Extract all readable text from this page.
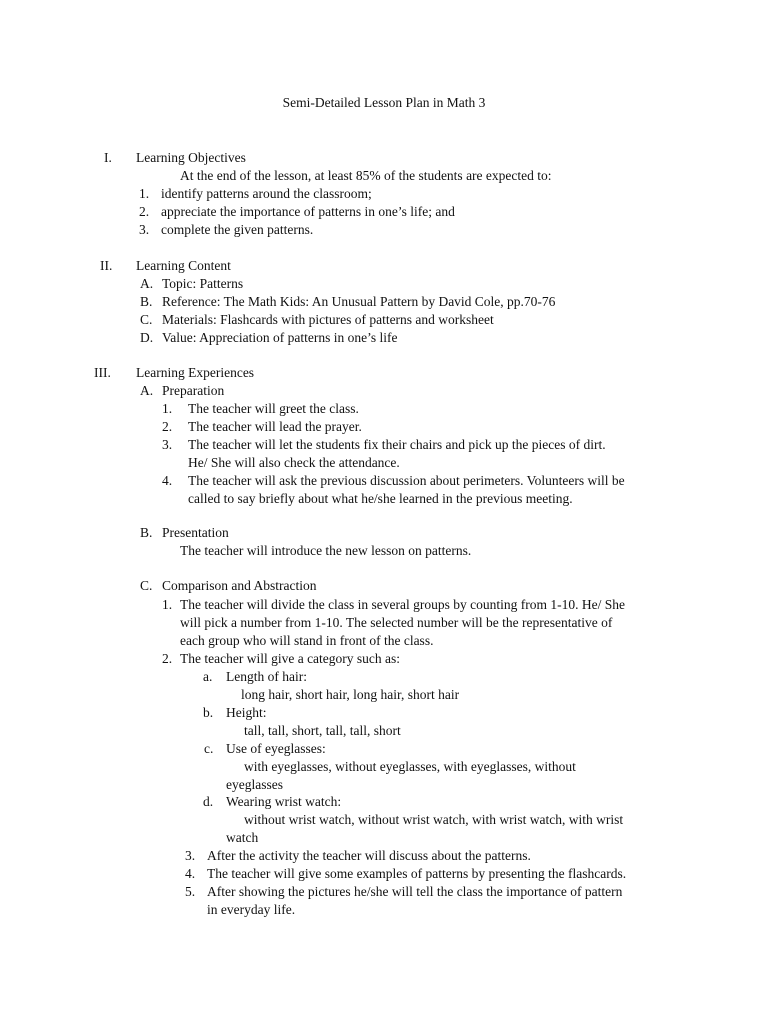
Semi-Detailed Lesson Plan in Math 3
I. Learning Objectives
At the end of the lesson, at least 85% of the students are expected to:
1. identify patterns around the classroom;
2. appreciate the importance of patterns in one’s life; and
3. complete the given patterns.
II. Learning Content
A. Topic: Patterns
B. Reference: The Math Kids: An Unusual Pattern by David Cole, pp.70-76
C. Materials: Flashcards with pictures of patterns and worksheet
D. Value: Appreciation of patterns in one’s life
III. Learning Experiences
A. Preparation
1. The teacher will greet the class.
2. The teacher will lead the prayer.
3. The teacher will let the students fix their chairs and pick up the pieces of dirt.
He/ She will also check the attendance.
4. The teacher will ask the previous discussion about perimeters. Volunteers will be
called to say briefly about what he/she learned in the previous meeting.
B. Presentation
The teacher will introduce the new lesson on patterns.
C. Comparison and Abstraction
1. The teacher will divide the class in several groups by counting from 1-10. He/ She
will pick a number from 1-10. The selected number will be the representative of
each group who will stand in front of the class.
2. The teacher will give a category such as:
a. Length of hair:
long hair, short hair, long hair, short hair
b. Height:
tall, tall, short, tall, tall, short
c. Use of eyeglasses:
with eyeglasses, without eyeglasses, with eyeglasses, without
eyeglasses
d. Wearing wrist watch:
without wrist watch, without wrist watch, with wrist watch, with wrist
watch
3. After the activity the teacher will discuss about the patterns.
4. The teacher will give some examples of patterns by presenting the flashcards.
5. After showing the pictures he/she will tell the class the importance of pattern
in everyday life.
